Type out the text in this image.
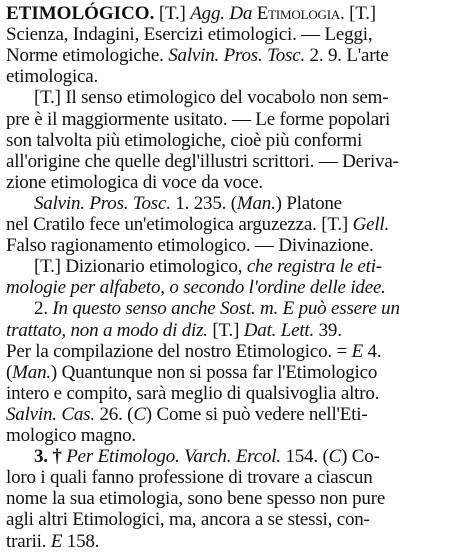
ETIMOLÓGICO. [T.] Agg. Da Etimologia. [T.]
Scienza, Indagini, Esercizi etimologici. — Leggi,
Norme etimologiche. Salvin. Pros. Tosc. 2. 9. L'arte
etimologica.
[T.] Il senso etimologico del vocabolo non sem-
pre è il maggiormente usitato. — Le forme popolari
son talvolta più etimologiche, cioè più conformi
all'origine che quelle degl'illustri scrittori. — Deriva-
zione etimologica di voce da voce.
Salvin. Pros. Tosc. 1. 235. (Man.) Platone
nel Cratilo fece un'etimologica arguzezza. [T.] Gell.
Falso ragionamento etimologico. — Divinazione.
[T.] Dizionario etimologico, che registra le eti-
mologie per alfabeto, o secondo l'ordine delle idee.
2. In questo senso anche Sost. m. E può essere un
trattato, non a modo di diz. [T.] Dat. Lett. 39.
Per la compilazione del nostro Etimologico. = E 4.
(Man.) Quantunque non si possa far l'Etimologico
intero e compito, sarà meglio di qualsivoglia altro.
Salvin. Cas. 26. (C) Come si può vedere nell'Eti-
mologico magno.
3. † Per Etimologo. Varch. Ercol. 154. (C) Co-
loro i quali fanno professione di trovare a ciascun
nome la sua etimologia, sono bene spesso non pure
agli altri Etimologici, ma, ancora a se stessi, con-
trarii. E 158.
